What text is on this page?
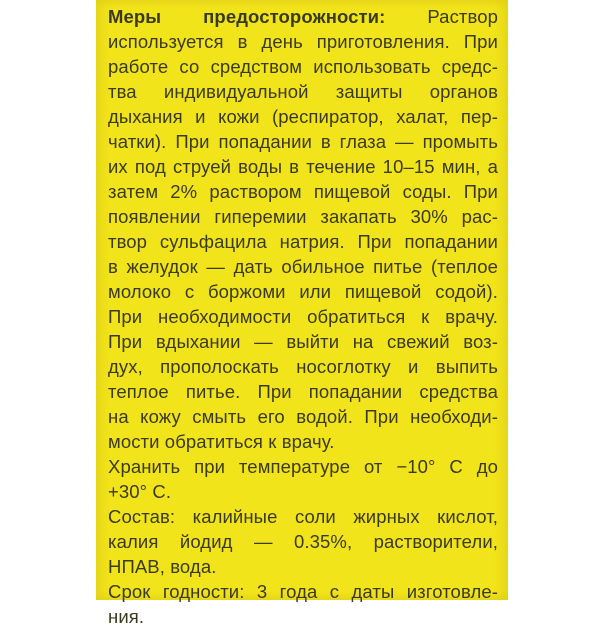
Меры предосторожности: Раствор
используется в день приготовления. При
работе со средством использовать средс-
тва индивидуальной защиты органов
дыхания и кожи (респиратор, халат, пер-
чатки). При попадании в глаза — промыть
их под струей воды в течение 10–15 мин, а
затем 2% раствором пищевой соды. При
появлении гиперемии закапать 30% рас-
твор сульфацила натрия. При попадании
в желудок — дать обильное питье (теплое
молоко с боржоми или пищевой содой).
При необходимости обратиться к врачу.
При вдыхании — выйти на свежий воз-
дух, прополоскать носоглотку и выпить
теплое питье. При попадании средства
на кожу смыть его водой. При необходи-
мости обратиться к врачу.
Хранить при температуре от −10° С до
+30° С.
Состав: калийные соли жирных кислот,
калия йодид — 0.35%, растворители,
НПАВ, вода.
Срок годности: 3 года с даты изготовле-
ния.
